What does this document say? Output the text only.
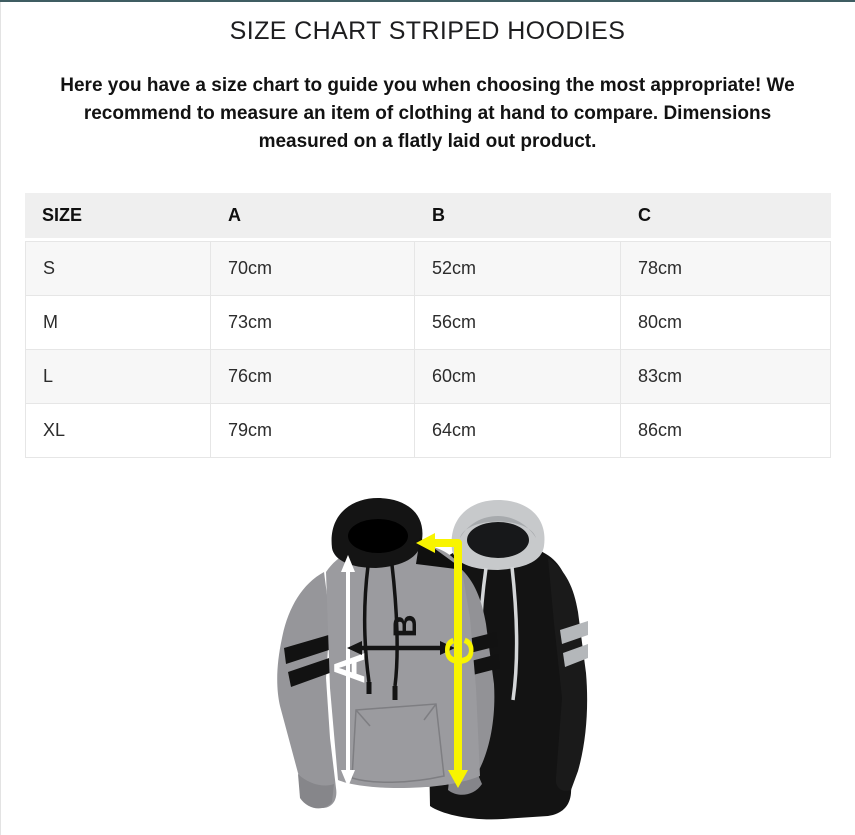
SIZE CHART STRIPED HOODIES
Here you have a size chart to guide you when choosing the most appropriate! We
recommend to measure an item of clothing at hand to compare. Dimensions
measured on a flatly laid out product.
SIZE	A	B	C
S	70cm	52cm	78cm
M	73cm	56cm	80cm
L	76cm	60cm	83cm
XL	79cm	64cm	86cm
A
B
C
